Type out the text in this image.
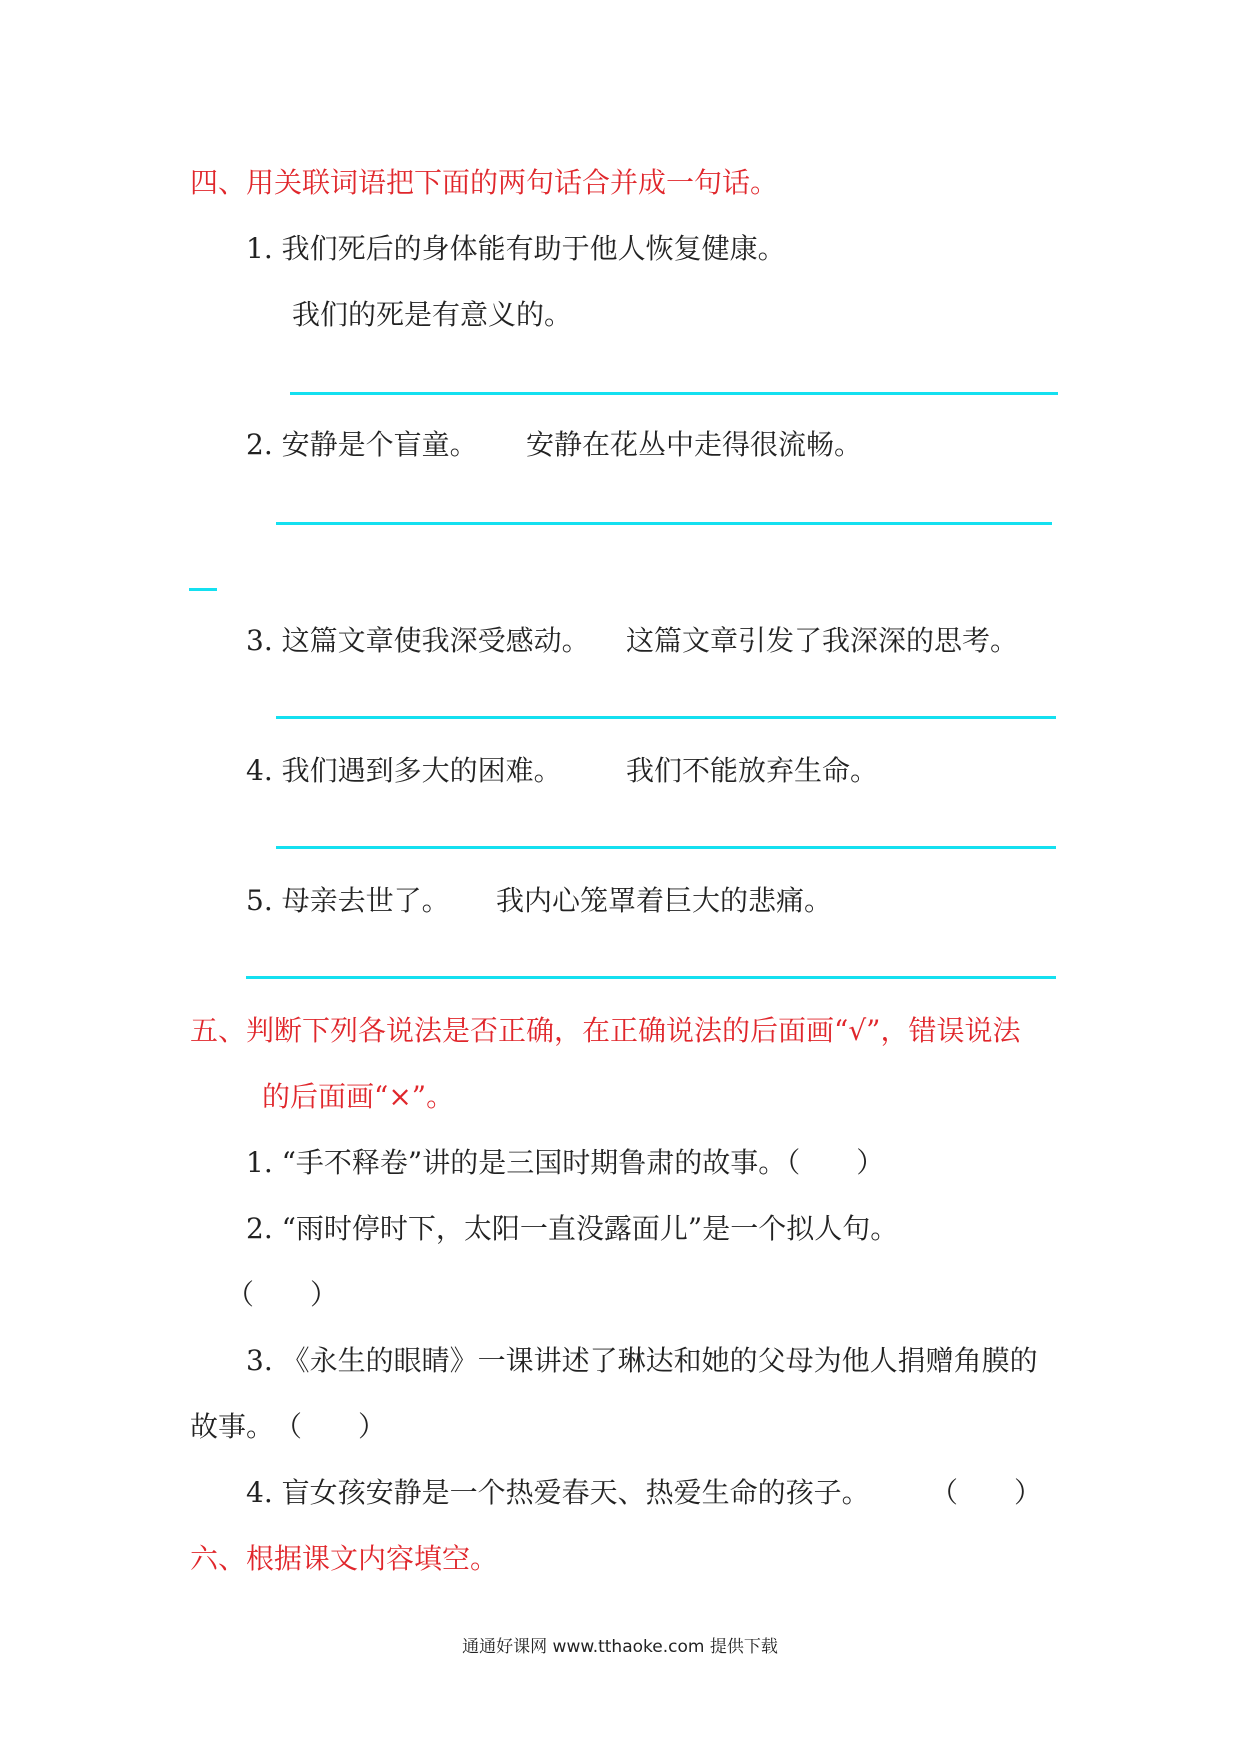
四、用关联词语把下面的两句话合并成一句话。
1. 我们死后的身体能有助于他人恢复健康。
我们的死是有意义的。
2. 安静是个盲童。 安静在花丛中走得很流畅。
3. 这篇文章使我深受感动。 这篇文章引发了我深深的思考。
4. 我们遇到多大的困难。 我们不能放弃生命。
5. 母亲去世了。 我内心笼罩着巨大的悲痛。
五、判断下列各说法是否正确，在正确说法的后面画“√”，错误说法
的后面画“×”。
1. “手不释卷”讲的是三国时期鲁肃的故事。（　　）
2. “雨时停时下，太阳一直没露面儿”是一个拟人句。
（　　）
3. 《永生的眼睛》一课讲述了琳达和她的父母为他人捐赠角膜的
故事。　（　　）
4. 盲女孩安静是一个热爱春天、热爱生命的孩子。 （　　）
六、根据课文内容填空。
通通好课网 www.tthaoke.com 提供下载
